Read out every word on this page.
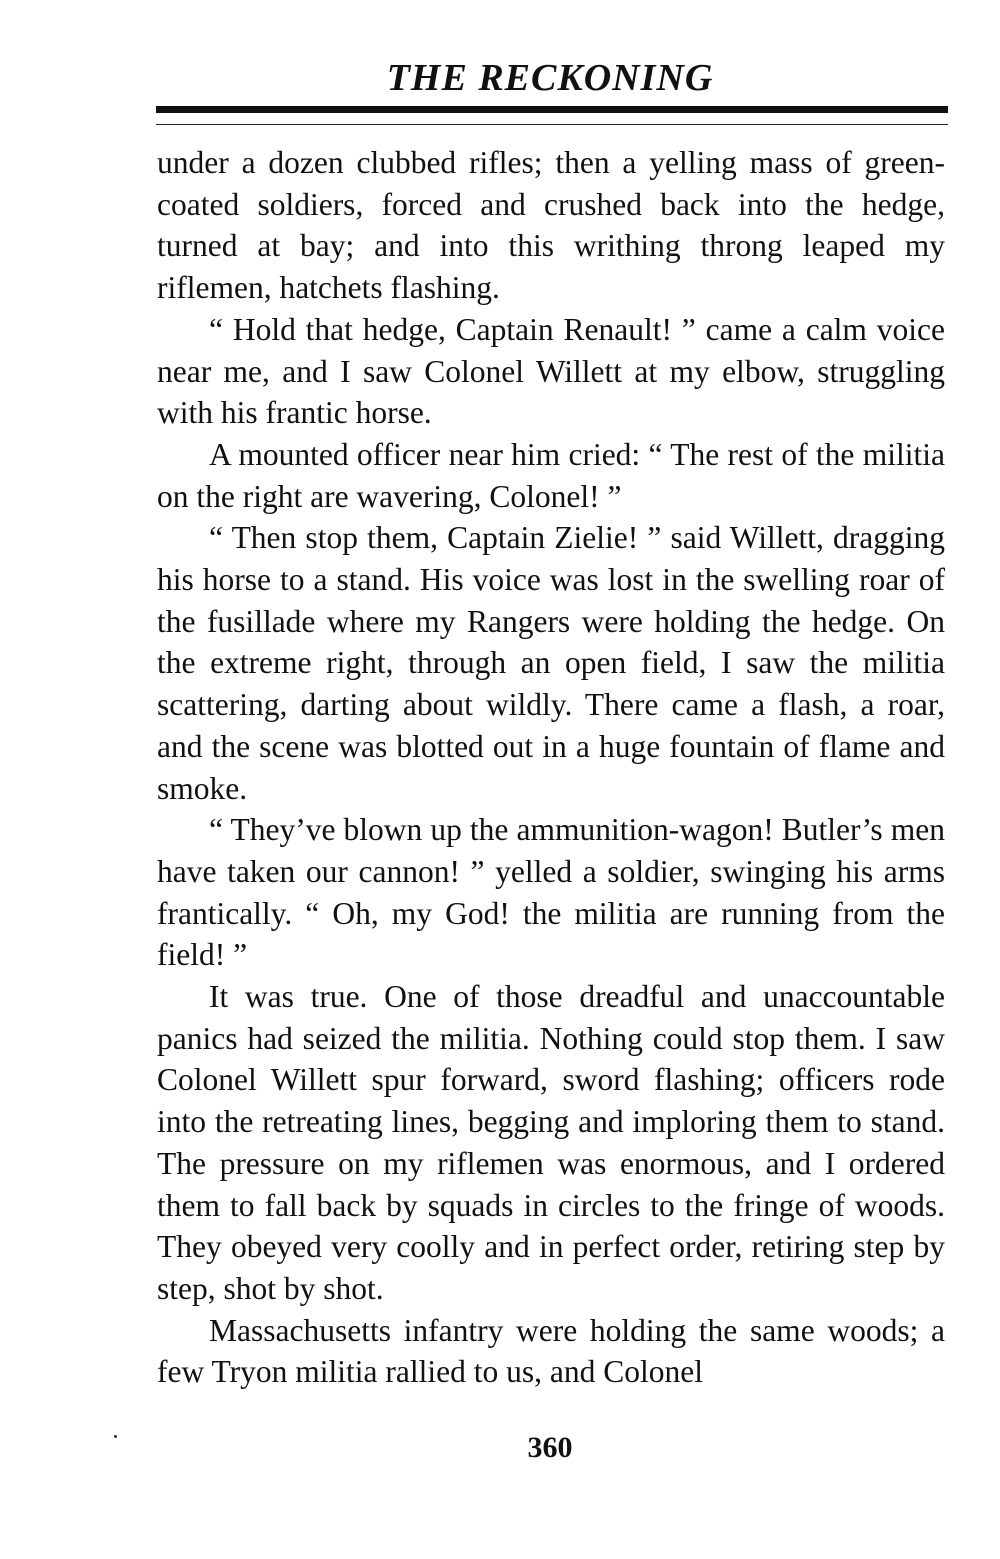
THE RECKONING

under a dozen clubbed rifles; then a yelling mass of green-coated soldiers, forced and crushed back into the hedge, turned at bay; and into this writhing throng leaped my riflemen, hatchets flashing.

“ Hold that hedge, Captain Renault! ” came a calm voice near me, and I saw Colonel Willett at my elbow, struggling with his frantic horse.

A mounted officer near him cried: “ The rest of the militia on the right are wavering, Colonel! ”

“ Then stop them, Captain Zielie! ” said Willett, dragging his horse to a stand. His voice was lost in the swelling roar of the fusillade where my Rangers were holding the hedge. On the extreme right, through an open field, I saw the militia scattering, darting about wildly. There came a flash, a roar, and the scene was blotted out in a huge fountain of flame and smoke.

“ They’ve blown up the ammunition-wagon! Butler’s men have taken our cannon! ” yelled a soldier, swinging his arms frantically. “ Oh, my God! the militia are running from the field! ”

It was true. One of those dreadful and unaccountable panics had seized the militia. Nothing could stop them. I saw Colonel Willett spur forward, sword flashing; officers rode into the retreating lines, begging and imploring them to stand. The pressure on my riflemen was enormous, and I ordered them to fall back by squads in circles to the fringe of woods. They obeyed very coolly and in perfect order, retiring step by step, shot by shot.

Massachusetts infantry were holding the same woods; a few Tryon militia rallied to us, and Colonel

360
